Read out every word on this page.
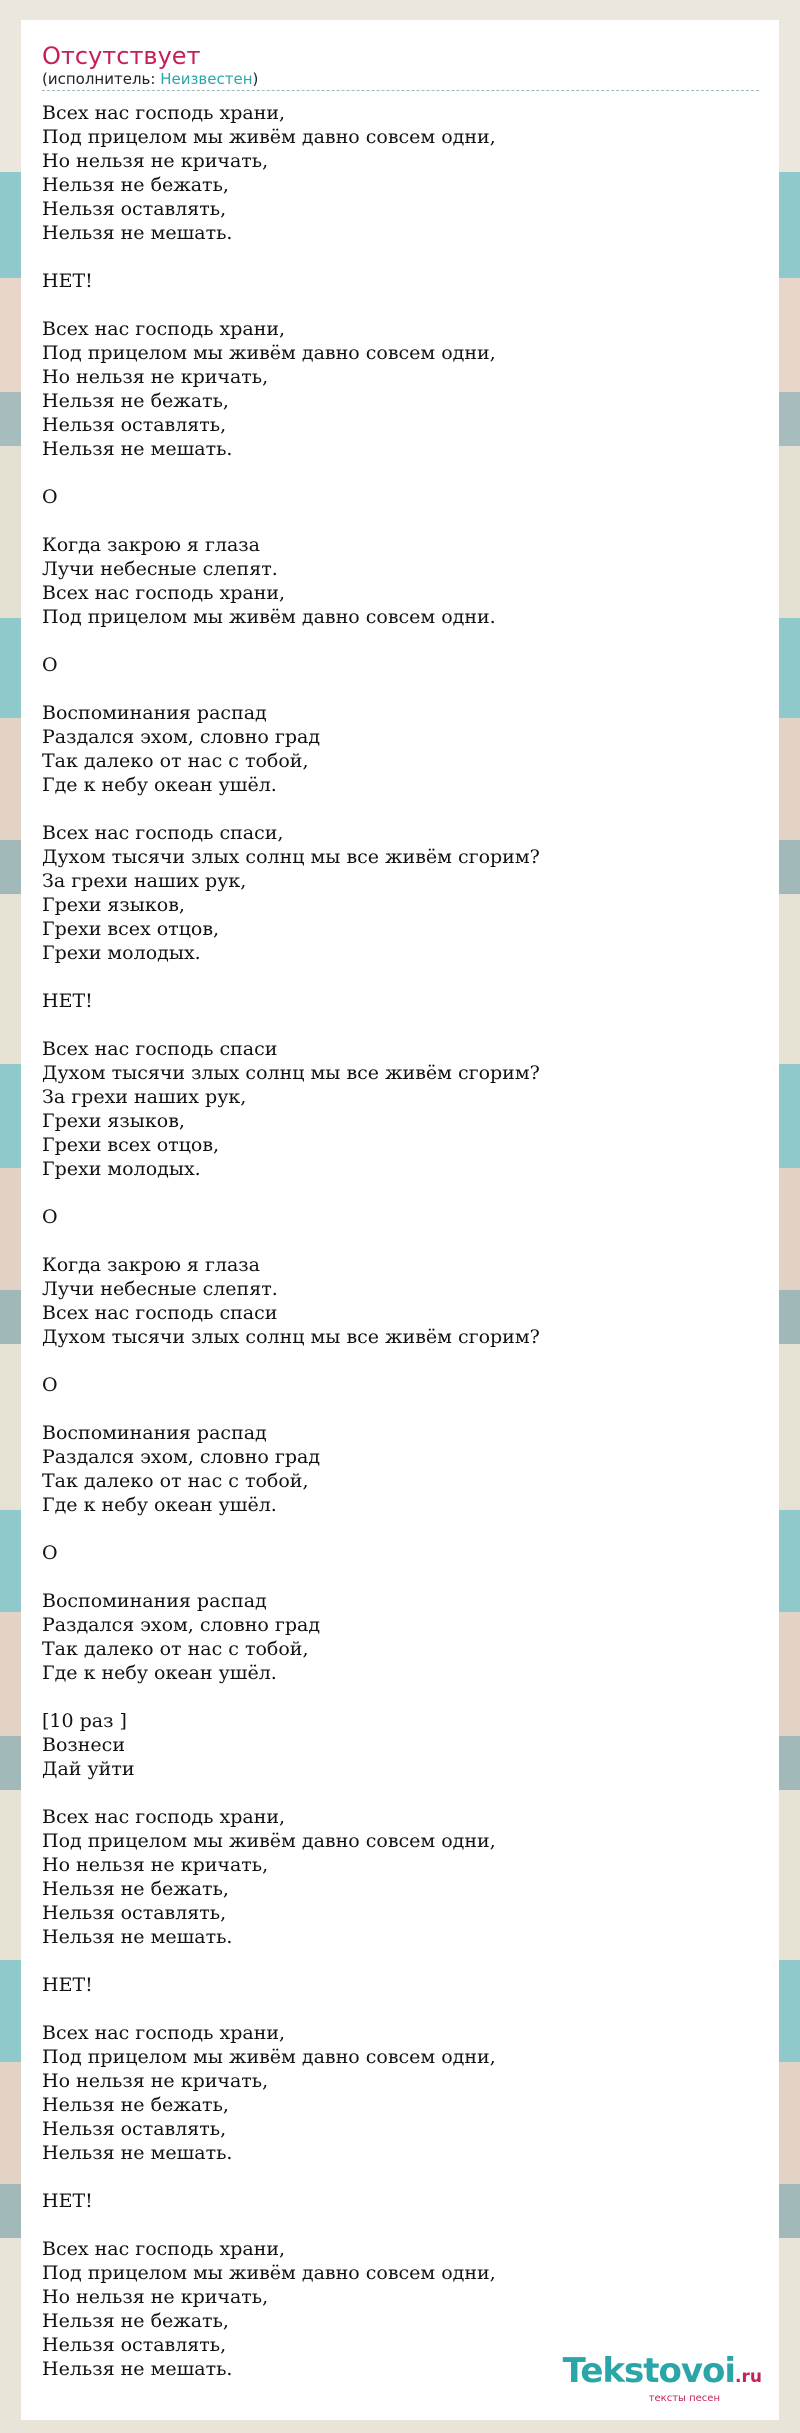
Отсутствует
(исполнитель: Неизвестен)
Всех нас господь храни,
Под прицелом мы живём давно совсем одни,
Но нельзя не кричать,
Нельзя не бежать,
Нельзя оставлять,
Нельзя не мешать.
НЕТ!
Всех нас господь храни,
Под прицелом мы живём давно совсем одни,
Но нельзя не кричать,
Нельзя не бежать,
Нельзя оставлять,
Нельзя не мешать.
О
Когда закрою я глаза
Лучи небесные слепят.
Всех нас господь храни,
Под прицелом мы живём давно совсем одни.
О
Воспоминания распад
Раздался эхом, словно град
Так далеко от нас с тобой,
Где к небу океан ушёл.
Всех нас господь спаси,
Духом тысячи злых солнц мы все живём сгорим?
За грехи наших рук,
Грехи языков,
Грехи всех отцов,
Грехи молодых.
НЕТ!
Всех нас господь спаси
Духом тысячи злых солнц мы все живём сгорим?
За грехи наших рук,
Грехи языков,
Грехи всех отцов,
Грехи молодых.
О
Когда закрою я глаза
Лучи небесные слепят.
Всех нас господь спаси
Духом тысячи злых солнц мы все живём сгорим?
О
Воспоминания распад
Раздался эхом, словно град
Так далеко от нас с тобой,
Где к небу океан ушёл.
О
Воспоминания распад
Раздался эхом, словно град
Так далеко от нас с тобой,
Где к небу океан ушёл.
[10 раз ]
Вознеси
Дай уйти
Всех нас господь храни,
Под прицелом мы живём давно совсем одни,
Но нельзя не кричать,
Нельзя не бежать,
Нельзя оставлять,
Нельзя не мешать.
НЕТ!
Всех нас господь храни,
Под прицелом мы живём давно совсем одни,
Но нельзя не кричать,
Нельзя не бежать,
Нельзя оставлять,
Нельзя не мешать.
НЕТ!
Всех нас господь храни,
Под прицелом мы живём давно совсем одни,
Но нельзя не кричать,
Нельзя не бежать,
Нельзя оставлять,
Нельзя не мешать.	Tekstovoi.ru
тексты песен
